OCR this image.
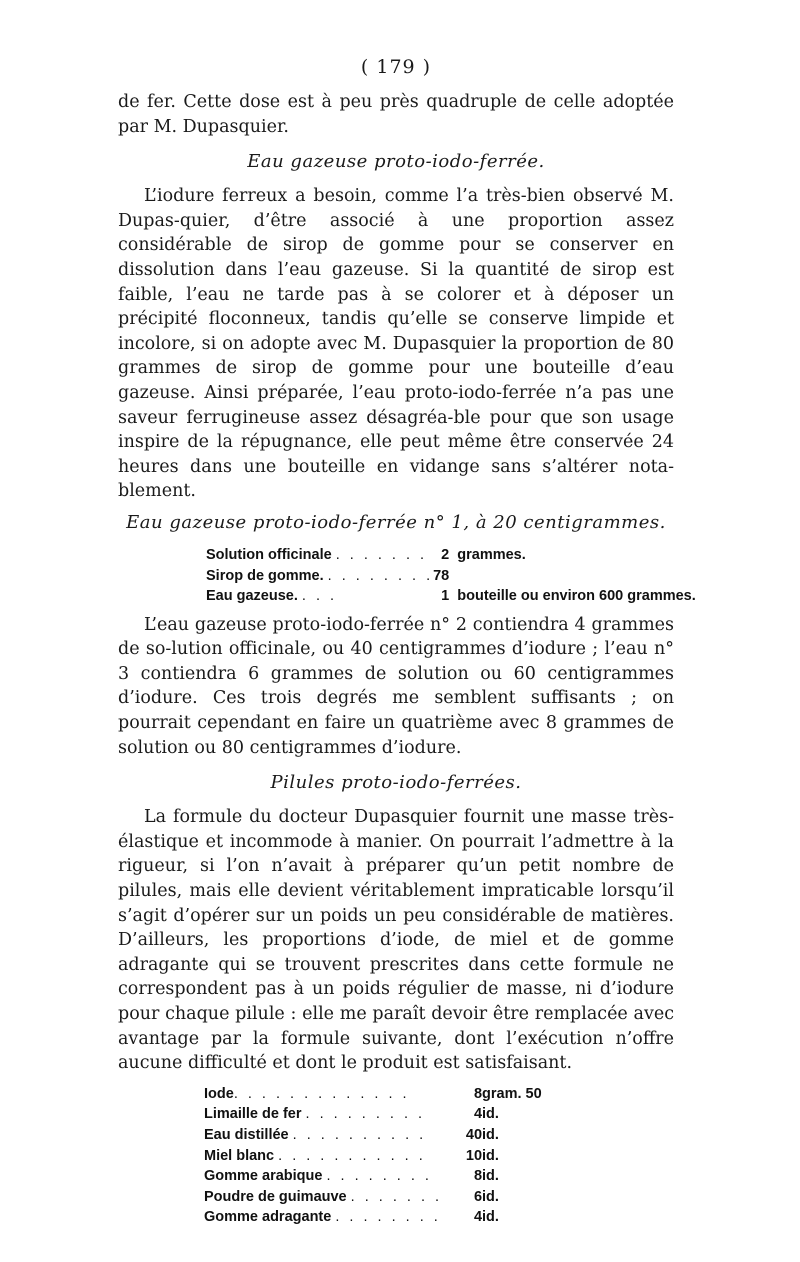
( 179 )

de fer. Cette dose est à peu près quadruple de celle adoptée par M. Dupasquier.

Eau gazeuse proto-iodo-ferrée.

L’iodure ferreux a besoin, comme l’a très-bien observé M. Dupas-quier, d’être associé à une proportion assez considérable de sirop de gomme pour se conserver en dissolution dans l’eau gazeuse. Si la quantité de sirop est faible, l’eau ne tarde pas à se colorer et à déposer un précipité floconneux, tandis qu’elle se conserve limpide et incolore, si on adopte avec M. Dupasquier la proportion de 80 grammes de sirop de gomme pour une bouteille d’eau gazeuse. Ainsi préparée, l’eau proto-iodo-ferrée n’a pas une saveur ferrugineuse assez désagréa-ble pour que son usage inspire de la répugnance, elle peut même être conservée 24 heures dans une bouteille en vidange sans s’altérer nota-blement.

Eau gazeuse proto-iodo-ferrée n° 1, à 20 centigrammes.
Solution officinale . . . . . . .	2	grammes.
Sirop de gomme. . . . . . . . .	78	
Eau gazeuse. . . .	1	bouteille ou environ 600 grammes.

L’eau gazeuse proto-iodo-ferrée n° 2 contiendra 4 grammes de so-lution officinale, ou 40 centigrammes d’iodure ; l’eau n° 3 contiendra 6 grammes de solution ou 60 centigrammes d’iodure. Ces trois degrés me semblent suffisants ; on pourrait cependant en faire un quatrième avec 8 grammes de solution ou 80 centigrammes d’iodure.

Pilules proto-iodo-ferrées.

La formule du docteur Dupasquier fournit une masse très-élastique et incommode à manier. On pourrait l’admettre à la rigueur, si l’on n’avait à préparer qu’un petit nombre de pilules, mais elle devient véritablement impraticable lorsqu’il s’agit d’opérer sur un poids un peu considérable de matières. D’ailleurs, les proportions d’iode, de miel et de gomme adragante qui se trouvent prescrites dans cette formule ne correspondent pas à un poids régulier de masse, ni d’iodure pour chaque pilule : elle me paraît devoir être remplacée avec avantage par la formule suivante, dont l’exécution n’offre aucune difficulté et dont le produit est satisfaisant.

Iode. . . . . . . . . . . . .	8	gram. 50
Limaille de fer . . . . . . . . .	4	id.
Eau distillée . . . . . . . . . .	40	id.
Miel blanc . . . . . . . . . . .	10	id.
Gomme arabique . . . . . . . .	8	id.
Poudre de guimauve . . . . . . .	6	id.
Gomme adragante . . . . . . . .	4	id.
